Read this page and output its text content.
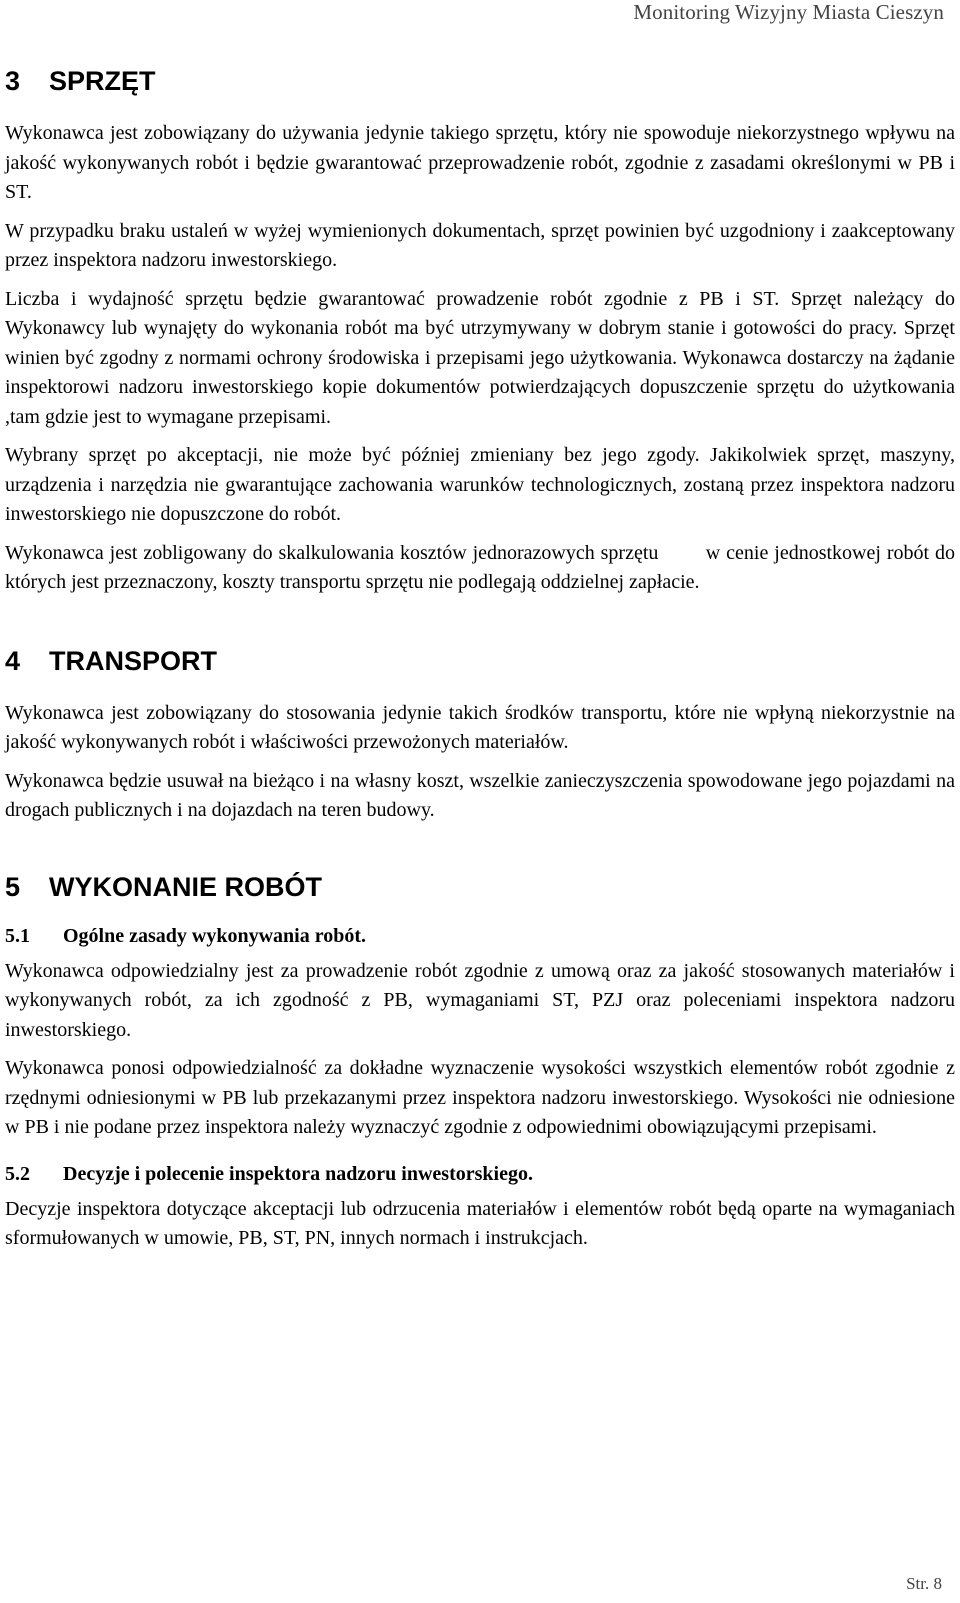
Monitoring Wizyjny Miasta Cieszyn
3	SPRZĘT

Wykonawca jest zobowiązany do używania jedynie takiego sprzętu, który nie spowoduje niekorzystnego wpływu na jakość wykonywanych robót i będzie gwarantować przeprowadzenie robót, zgodnie z zasadami określonymi w PB i ST.

W przypadku braku ustaleń w wyżej wymienionych dokumentach, sprzęt powinien być uzgodniony i zaakceptowany przez inspektora nadzoru inwestorskiego.

Liczba i wydajność sprzętu będzie gwarantować prowadzenie robót zgodnie z PB i ST. Sprzęt należący do Wykonawcy lub wynajęty do wykonania robót ma być utrzymywany w dobrym stanie i gotowości do pracy. Sprzęt winien być zgodny z normami ochrony środowiska i przepisami jego użytkowania. Wykonawca dostarczy na żądanie inspektorowi nadzoru inwestorskiego kopie dokumentów potwierdzających dopuszczenie sprzętu do użytkowania ,tam gdzie jest to wymagane przepisami.

Wybrany sprzęt po akceptacji, nie może być później zmieniany bez jego zgody. Jakikolwiek sprzęt, maszyny, urządzenia i narzędzia nie gwarantujące zachowania warunków technologicznych, zostaną przez inspektora nadzoru inwestorskiego nie dopuszczone do robót.

Wykonawca jest zobligowany do skalkulowania kosztów jednorazowych sprzętu        w cenie jednostkowej robót do których jest przeznaczony, koszty transportu sprzętu nie podlegają oddzielnej zapłacie.

4	TRANSPORT

Wykonawca jest zobowiązany do stosowania jedynie takich środków transportu, które nie wpłyną niekorzystnie na jakość wykonywanych robót i właściwości przewożonych materiałów.

Wykonawca będzie usuwał na bieżąco i na własny koszt, wszelkie zanieczyszczenia spowodowane jego pojazdami na drogach publicznych i na dojazdach na teren budowy.

5	WYKONANIE ROBÓT
5.1	Ogólne zasady wykonywania robót.

Wykonawca odpowiedzialny jest za prowadzenie robót zgodnie z umową oraz za jakość stosowanych materiałów i wykonywanych robót, za ich zgodność z PB, wymaganiami ST, PZJ oraz poleceniami inspektora nadzoru inwestorskiego.

Wykonawca ponosi odpowiedzialność za dokładne wyznaczenie wysokości wszystkich elementów robót zgodnie z rzędnymi odniesionymi w PB lub przekazanymi przez inspektora nadzoru inwestorskiego. Wysokości nie odniesione w PB i nie podane przez inspektora należy wyznaczyć zgodnie z odpowiednimi obowiązującymi przepisami.

5.2	Decyzje i polecenie inspektora nadzoru inwestorskiego.

Decyzje inspektora dotyczące akceptacji lub odrzucenia materiałów i elementów robót będą oparte na wymaganiach sformułowanych w umowie, PB, ST, PN, innych normach i instrukcjach.

Str. 8
